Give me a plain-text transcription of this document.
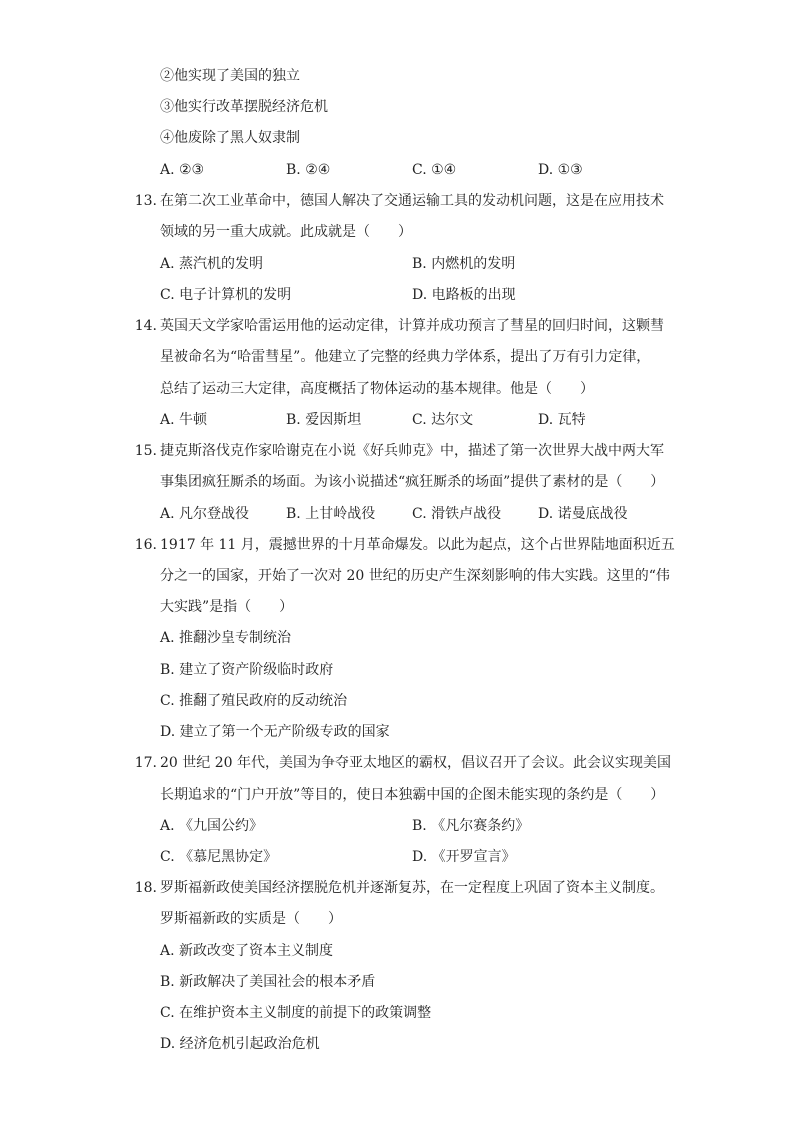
②他实现了美国的独立
③他实行改革摆脱经济危机
④他废除了黑人奴隶制
A. ②③	B. ②④	C. ①④	D. ①③
13. 在第二次工业革命中，德国人解决了交通运输工具的发动机问题，这是在应用技术
领域的另一重大成就。此成就是（　　）
A. 蒸汽机的发明	B. 内燃机的发明
C. 电子计算机的发明	D. 电路板的出现
14. 英国天文学家哈雷运用他的运动定律，计算并成功预言了彗星的回归时间，这颗彗
星被命名为“哈雷彗星”。他建立了完整的经典力学体系，提出了万有引力定律，
总结了运动三大定律，高度概括了物体运动的基本规律。他是（　　）
A. 牛顿	B. 爱因斯坦	C. 达尔文	D. 瓦特
15. 捷克斯洛伐克作家哈谢克在小说《好兵帅克》中，描述了第一次世界大战中两大军
事集团疯狂厮杀的场面。为该小说描述“疯狂厮杀的场面”提供了素材的是（　　）
A. 凡尔登战役	B. 上甘岭战役	C. 滑铁卢战役	D. 诺曼底战役
16. 1917 年 11 月，震撼世界的十月革命爆发。以此为起点，这个占世界陆地面积近五
分之一的国家，开始了一次对 20 世纪的历史产生深刻影响的伟大实践。这里的“伟
大实践”是指（　　）
A. 推翻沙皇专制统治
B. 建立了资产阶级临时政府
C. 推翻了殖民政府的反动统治
D. 建立了第一个无产阶级专政的国家
17. 20 世纪 20 年代，美国为争夺亚太地区的霸权，倡议召开了会议。此会议实现美国
长期追求的“门户开放”等目的，使日本独霸中国的企图未能实现的条约是（　　）
A. 《九国公约》	B. 《凡尔赛条约》
C. 《慕尼黑协定》	D. 《开罗宣言》
18. 罗斯福新政使美国经济摆脱危机并逐渐复苏，在一定程度上巩固了资本主义制度。
罗斯福新政的实质是（　　）
A. 新政改变了资本主义制度
B. 新政解决了美国社会的根本矛盾
C. 在维护资本主义制度的前提下的政策调整
D. 经济危机引起政治危机
